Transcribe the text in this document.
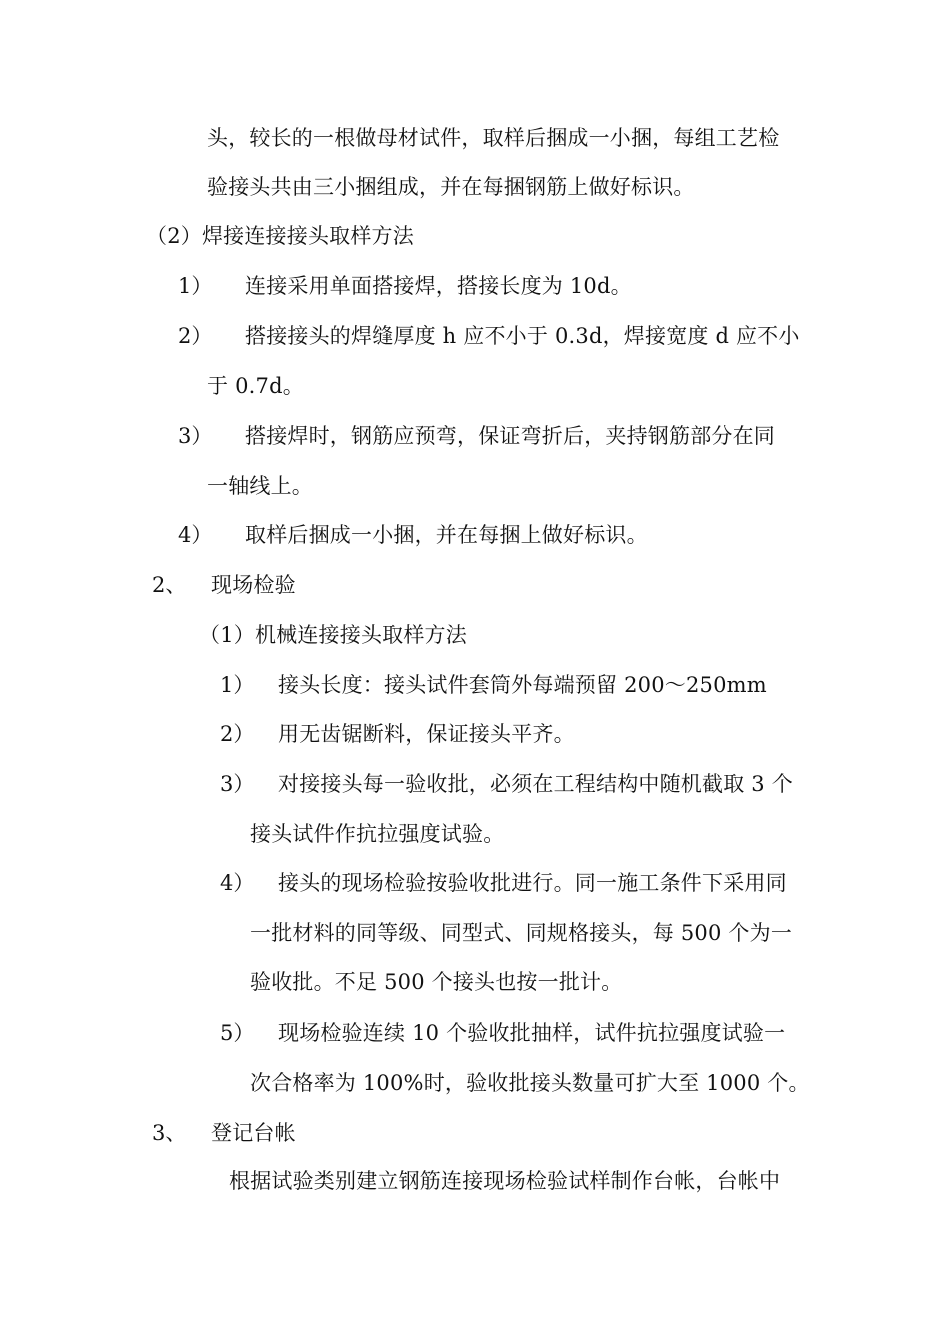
头，较长的一根做母材试件，取样后捆成一小捆，每组工艺检
验接头共由三小捆组成，并在每捆钢筋上做好标识。
（2）焊接连接接头取样方法
1） 连接采用单面搭接焊，搭接长度为 10d。
2） 搭接接头的焊缝厚度 h 应不小于 0.3d，焊接宽度 d 应不小
于 0.7d。
3） 搭接焊时，钢筋应预弯，保证弯折后，夹持钢筋部分在同
一轴线上。
4） 取样后捆成一小捆，并在每捆上做好标识。
2、 现场检验
（1）机械连接接头取样方法
1） 接头长度：接头试件套筒外每端预留 200～250mm
2） 用无齿锯断料，保证接头平齐。
3） 对接接头每一验收批，必须在工程结构中随机截取 3 个
接头试件作抗拉强度试验。
4） 接头的现场检验按验收批进行。同一施工条件下采用同
一批材料的同等级、同型式、同规格接头，每 500 个为一
验收批。不足 500 个接头也按一批计。
5） 现场检验连续 10 个验收批抽样，试件抗拉强度试验一
次合格率为 100%时，验收批接头数量可扩大至 1000 个。
3、 登记台帐
根据试验类别建立钢筋连接现场检验试样制作台帐，台帐中
